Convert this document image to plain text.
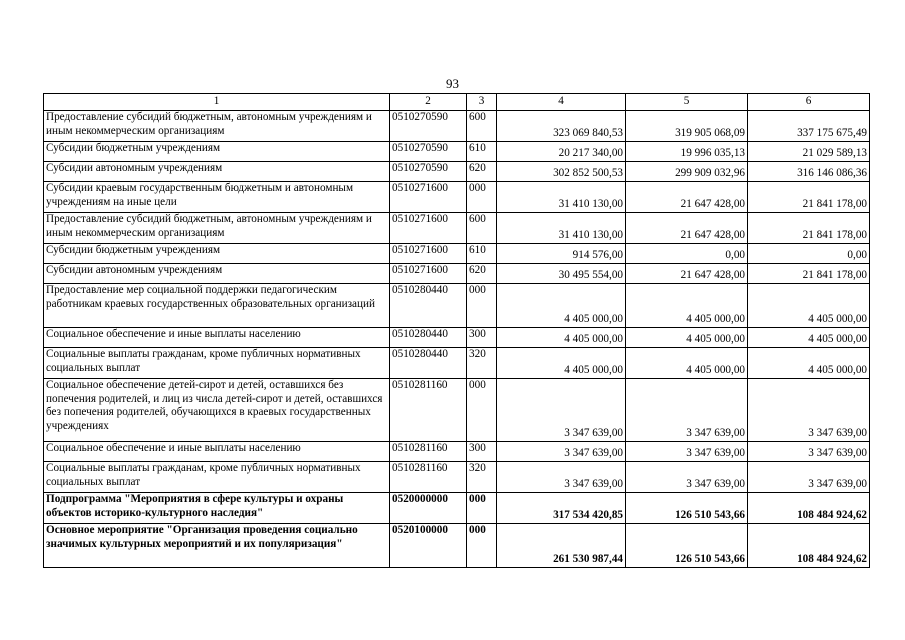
93
1	2	3	4	5	6
Предоставление субсидий бюджетным, автономным учреждениям и иным некоммерческим организациям	0510270590	600	323 069 840,53	319 905 068,09	337 175 675,49
Субсидии бюджетным учреждениям	0510270590	610	20 217 340,00	19 996 035,13	21 029 589,13
Субсидии автономным учреждениям	0510270590	620	302 852 500,53	299 909 032,96	316 146 086,36
Субсидии краевым государственным бюджетным и автономным учреждениям на иные цели	0510271600	000	31 410 130,00	21 647 428,00	21 841 178,00
Предоставление субсидий бюджетным, автономным учреждениям и иным некоммерческим организациям	0510271600	600	31 410 130,00	21 647 428,00	21 841 178,00
Субсидии бюджетным учреждениям	0510271600	610	914 576,00	0,00	0,00
Субсидии автономным учреждениям	0510271600	620	30 495 554,00	21 647 428,00	21 841 178,00
Предоставление мер социальной поддержки педагогическим работникам краевых государственных образовательных организаций	0510280440	000	4 405 000,00	4 405 000,00	4 405 000,00
Социальное обеспечение и иные выплаты населению	0510280440	300	4 405 000,00	4 405 000,00	4 405 000,00
Социальные выплаты гражданам, кроме публичных нормативных социальных выплат	0510280440	320	4 405 000,00	4 405 000,00	4 405 000,00
Социальное обеспечение детей-сирот и детей, оставшихся без попечения родителей, и лиц из числа детей-сирот и детей, оставшихся без попечения родителей, обучающихся в краевых государственных учреждениях	0510281160	000	3 347 639,00	3 347 639,00	3 347 639,00
Социальное обеспечение и иные выплаты населению	0510281160	300	3 347 639,00	3 347 639,00	3 347 639,00
Социальные выплаты гражданам, кроме публичных нормативных социальных выплат	0510281160	320	3 347 639,00	3 347 639,00	3 347 639,00
Подпрограмма "Мероприятия в сфере культуры и охраны объектов историко-культурного наследия"	0520000000	000	317 534 420,85	126 510 543,66	108 484 924,62
Основное мероприятие "Организация проведения социально значимых культурных мероприятий и их популяризация"	0520100000	000	261 530 987,44	126 510 543,66	108 484 924,62
